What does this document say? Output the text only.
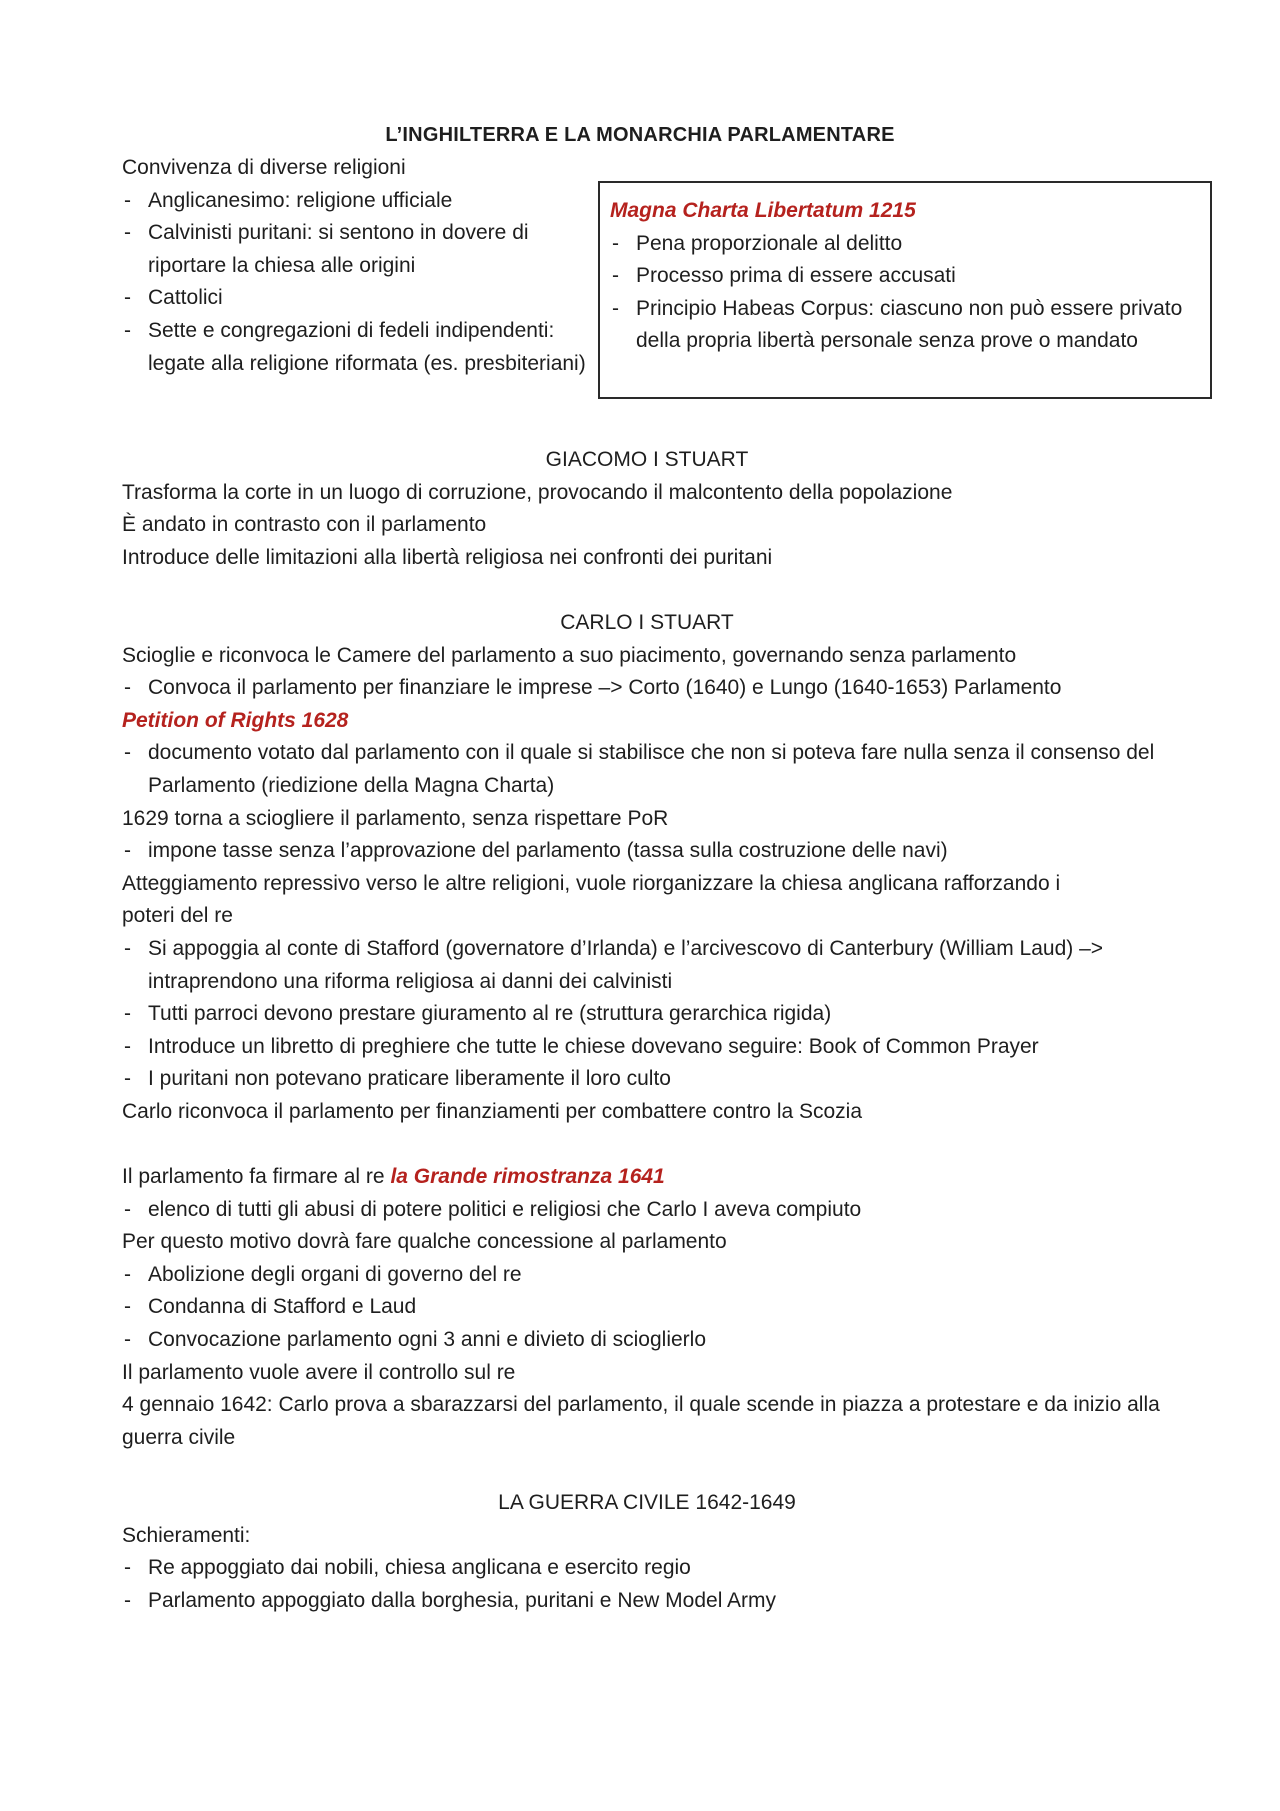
L’INGHILTERRA E LA MONARCHIA PARLAMENTARE
Convivenza di diverse religioni
- Anglicanesimo: religione ufficiale
- Calvinisti puritani: si sentono in dovere di riportare la chiesa alle origini
- Cattolici
- Sette e congregazioni di fedeli indipendenti: legate alla religione riformata (es. presbiteriani)
Magna Charta Libertatum 1215
- Pena proporzionale al delitto
- Processo prima di essere accusati
- Principio Habeas Corpus: ciascuno non può essere privato della propria libertà personale senza prove o mandato
GIACOMO I STUART
Trasforma la corte in un luogo di corruzione, provocando il malcontento della popolazione
È andato in contrasto con il parlamento
Introduce delle limitazioni alla libertà religiosa nei confronti dei puritani
CARLO I STUART
Scioglie e riconvoca le Camere del parlamento a suo piacimento, governando senza parlamento
- Convoca il parlamento per finanziare le imprese –> Corto (1640) e Lungo (1640-1653) Parlamento
Petition of Rights 1628
- documento votato dal parlamento con il quale si stabilisce che non si poteva fare nulla senza il consenso del Parlamento (riedizione della Magna Charta)
1629 torna a sciogliere il parlamento, senza rispettare PoR
- impone tasse senza l’approvazione del parlamento (tassa sulla costruzione delle navi)
Atteggiamento repressivo verso le altre religioni, vuole riorganizzare la chiesa anglicana rafforzando i poteri del re
- Si appoggia al conte di Stafford (governatore d’Irlanda) e l’arcivescovo di Canterbury (William Laud) –> intraprendono una riforma religiosa ai danni dei calvinisti
- Tutti parroci devono prestare giuramento al re (struttura gerarchica rigida)
- Introduce un libretto di preghiere che tutte le chiese dovevano seguire: Book of Common Prayer
- I puritani non potevano praticare liberamente il loro culto
Carlo riconvoca il parlamento per finanziamenti per combattere contro la Scozia
Il parlamento fa firmare al re la Grande rimostranza 1641
- elenco di tutti gli abusi di potere politici e religiosi che Carlo I aveva compiuto
Per questo motivo dovrà fare qualche concessione al parlamento
- Abolizione degli organi di governo del re
- Condanna di Stafford e Laud
- Convocazione parlamento ogni 3 anni e divieto di scioglierlo
Il parlamento vuole avere il controllo sul re
4 gennaio 1642: Carlo prova a sbarazzarsi del parlamento, il quale scende in piazza a protestare e da inizio alla guerra civile
LA GUERRA CIVILE 1642-1649
Schieramenti:
- Re appoggiato dai nobili, chiesa anglicana e esercito regio
- Parlamento appoggiato dalla borghesia, puritani e New Model Army
